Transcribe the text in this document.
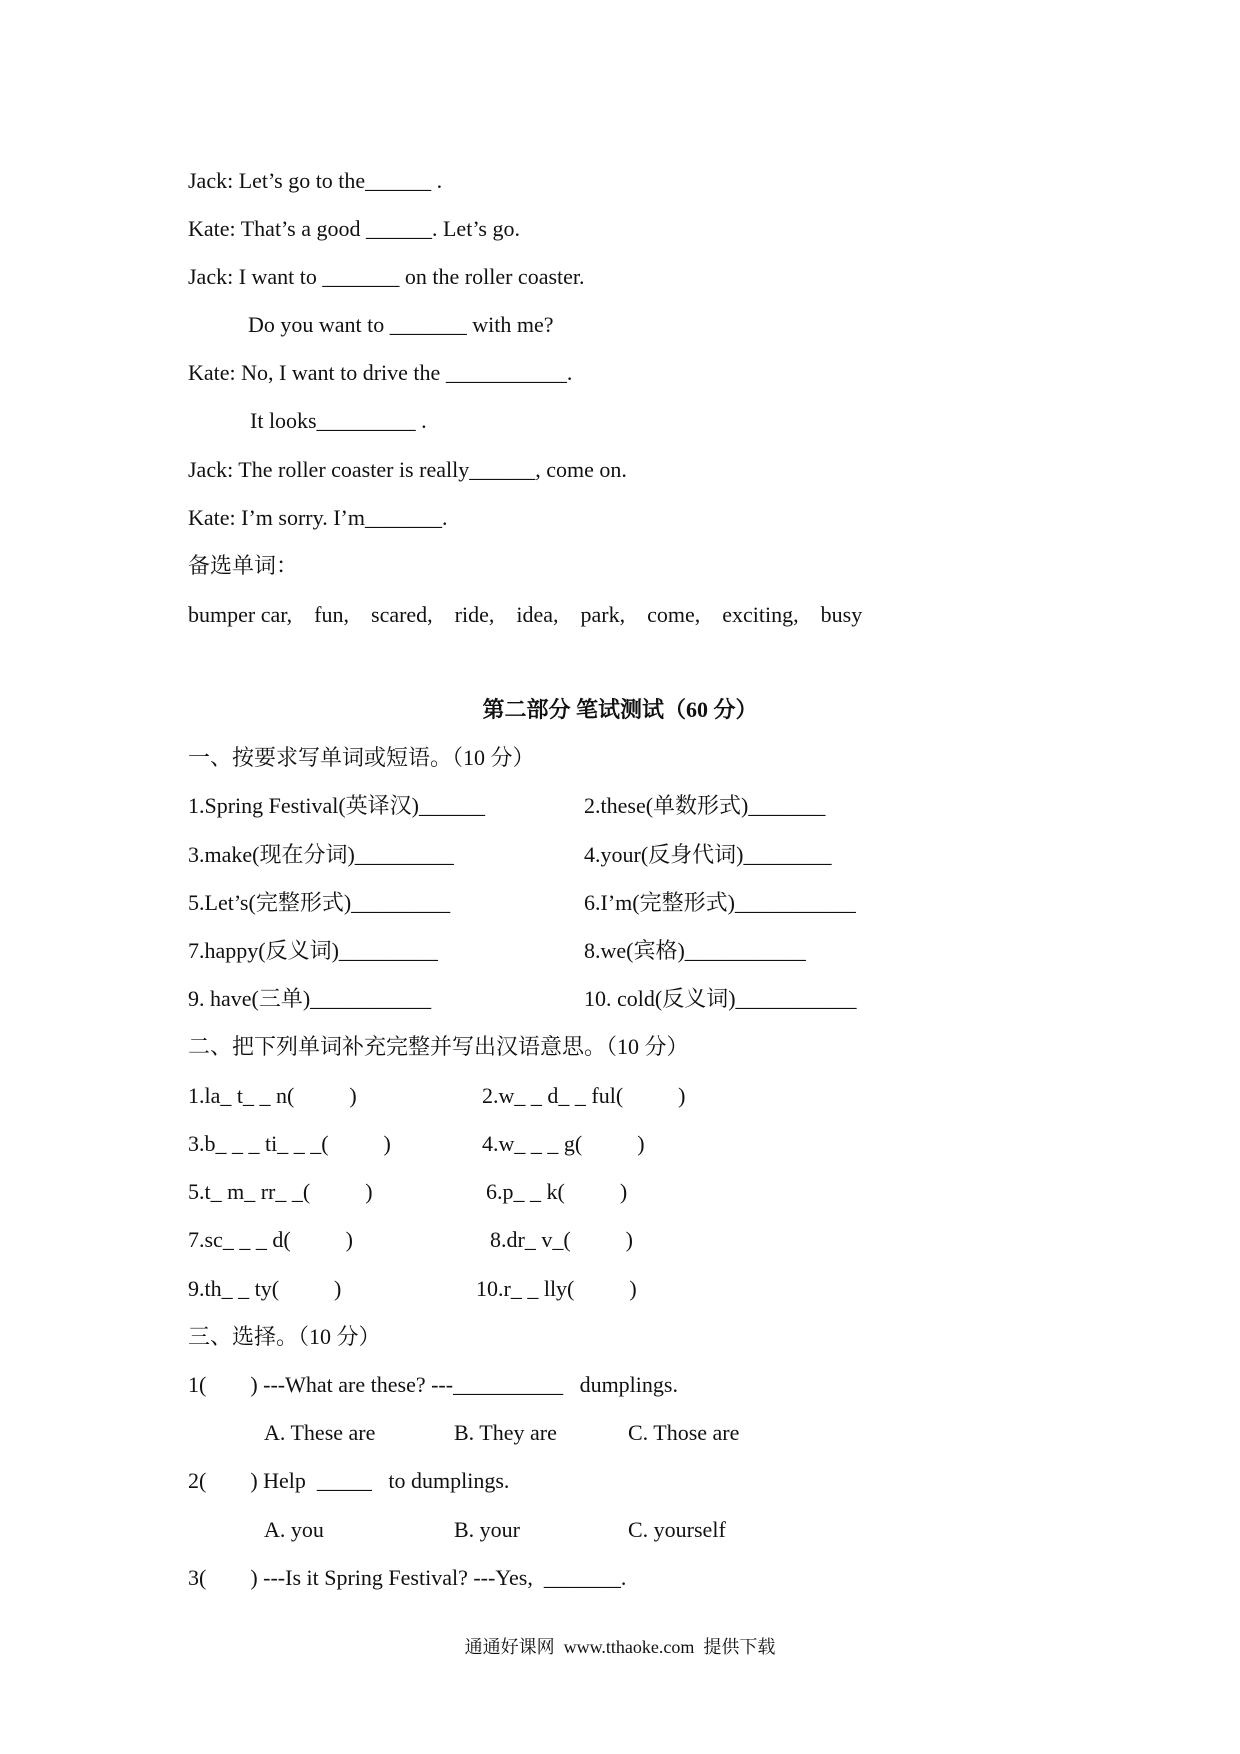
Jack: Let’s go to the______ .
Kate: That’s a good ______. Let’s go.
Jack: I want to _______ on the roller coaster.
Do you want to _______ with me?
Kate: No, I want to drive the ___________.
It looks_________ .
Jack: The roller coaster is really______, come on.
Kate: I’m sorry. I’m_______.
备选单词：
bumper car,    fun,    scared,    ride,    idea,    park,    come,    exciting,    busy
第二部分 笔试测试（60 分）
一、按要求写单词或短语。（10 分）
1.Spring Festival(英译汉)______	2.these(单数形式)_______
3.make(现在分词)_________	4.your(反身代词)________
5.Let’s(完整形式)_________	6.I’m(完整形式)___________
7.happy(反义词)_________	8.we(宾格)___________
9. have(三单)___________	10. cold(反义词)___________
二、把下列单词补充完整并写出汉语意思。（10 分）
1.la_ t_ _ n(          )	2.w_ _ d_ _ ful(          )
3.b_ _ _ ti_ _ _(          )	4.w_ _ _ g(          )
5.t_ m_ rr_ _(          )	6.p_ _ k(          )
7.sc_ _ _ d(          )	8.dr_ v_(          )
9.th_ _ ty(          )	10.r_ _ lly(          )
三、选择。（10 分）
1(        ) ---What are these? ---__________   dumplings.
A. These are	B. They are	C. Those are
2(        ) Help  _____   to dumplings.
A. you	B. your	C. yourself
3(        ) ---Is it Spring Festival? ---Yes,  _______.
通通好课网  www.tthaoke.com  提供下载
